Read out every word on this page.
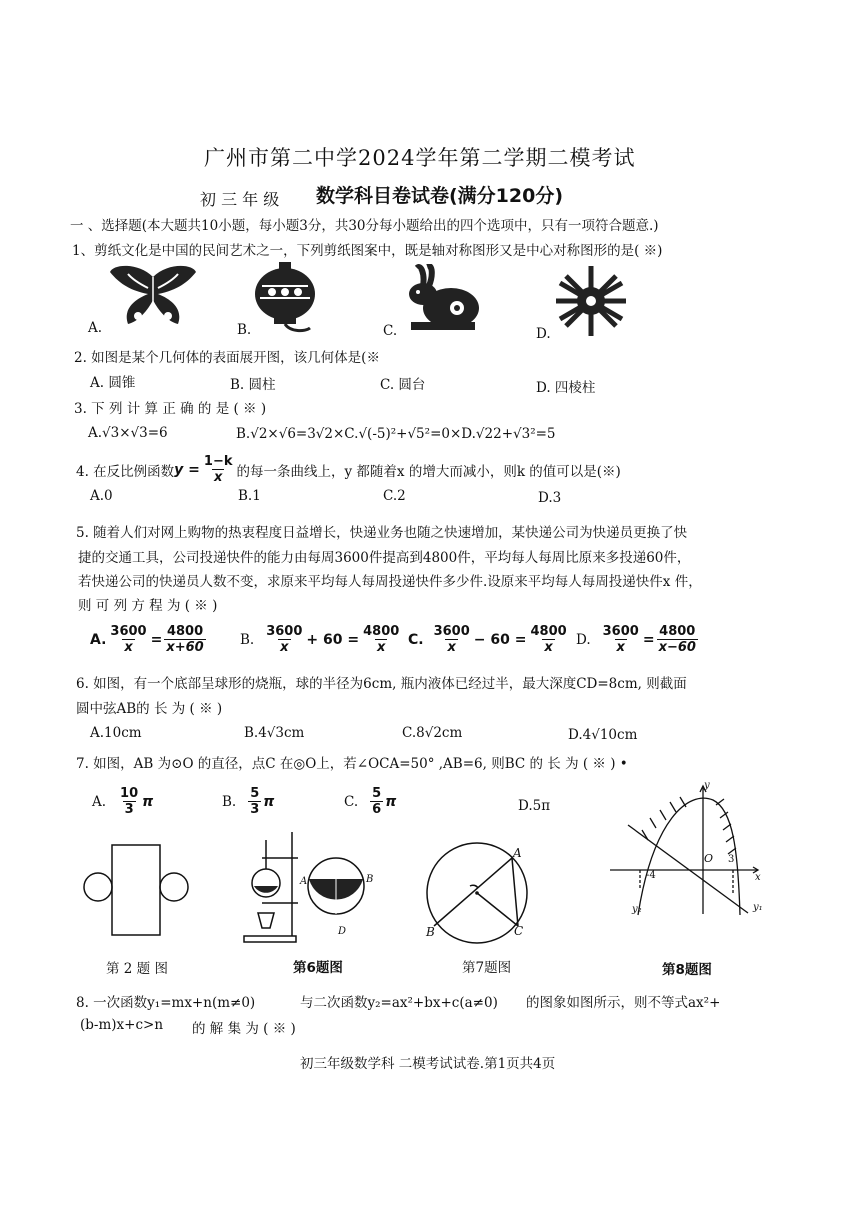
广州市第二中学2024学年第二学期二模考试
初 三 年 级 数学科目卷试卷(满分120分)
一 、选择题(本大题共10小题，每小题3分，共30分每小题给出的四个选项中，只有一项符合题意.)
1、剪纸文化是中国的民间艺术之一，下列剪纸图案中，既是轴对称图形又是中心对称图形的是( ※)
A.	B.	C.	D.
2. 如图是某个几何体的表面展开图，该几何体是(※
A. 圆锥	B. 圆柱	C. 圆台	D. 四棱柱
3. 下 列 计 算 正 确 的 是 ( ※ )
A.√3×√3=6	B.√2×√6=3√2×C.√(-5)²+√5²=0×D.√22+√3²=5
4. 在反比例函数 $y = \frac{1-k}{x}$ 的每一条曲线上，y 都随着x 的增大而减小，则k 的值可以是(※)
A.0	B.1	C.2	D.3
5. 随着人们对网上购物的热衷程度日益增长，快递业务也随之快速增加，某快递公司为快递员更换了快
捷的交通工具，公司投递快件的能力由每周3600件提高到4800件，平均每人每周比原来多投递60件，
若快递公司的快递员人数不变，求原来平均每人每周投递快件多少件.设原来平均每人每周投递快件x 件，
则 可 列 方 程 为 ( ※ )
A. $\frac{3600}{x} = \frac{4800}{x+60}$	B. $\frac{3600}{x} + 60 = \frac{4800}{x} C$. $\frac{3600}{x} - 60 = \frac{4800}{x} D$. $\frac{3600}{x} = \frac{4800}{x-60}$
6. 如图，有一个底部呈球形的烧瓶，球的半径为6cm, 瓶内液体已经过半，最大深度CD=8cm, 则截面
圆中弦AB的 长 为 ( ※ )
A.10cm	B.4√3cm	C.8√2cm	D.4√10cm
7. 如图，AB 为⊙O 的直径，点C 在◎O上，若∠OCA=50° ,AB=6, 则BC 的 长 为 ( ※ ) •
A. $\frac{10}{3}$ π	B. $\frac{5}{3}$ π	C. $\frac{5}{6}$ π	D.5π
A	B
D
A
B	C
y
x
O
-4
3
y₁
y₂
第 2 题 图	第6题图	第7题图	第8题图
8. 一次函数y₁=mx+n(m≠0)	与二次函数y₂=ax²+bx+c(a≠0) 的图象如图所示，则不等式ax²+
(b-m)x+c>n 的 解 集 为 ( ※ )
初三年级数学科 二模考试试卷.第1页共4页
